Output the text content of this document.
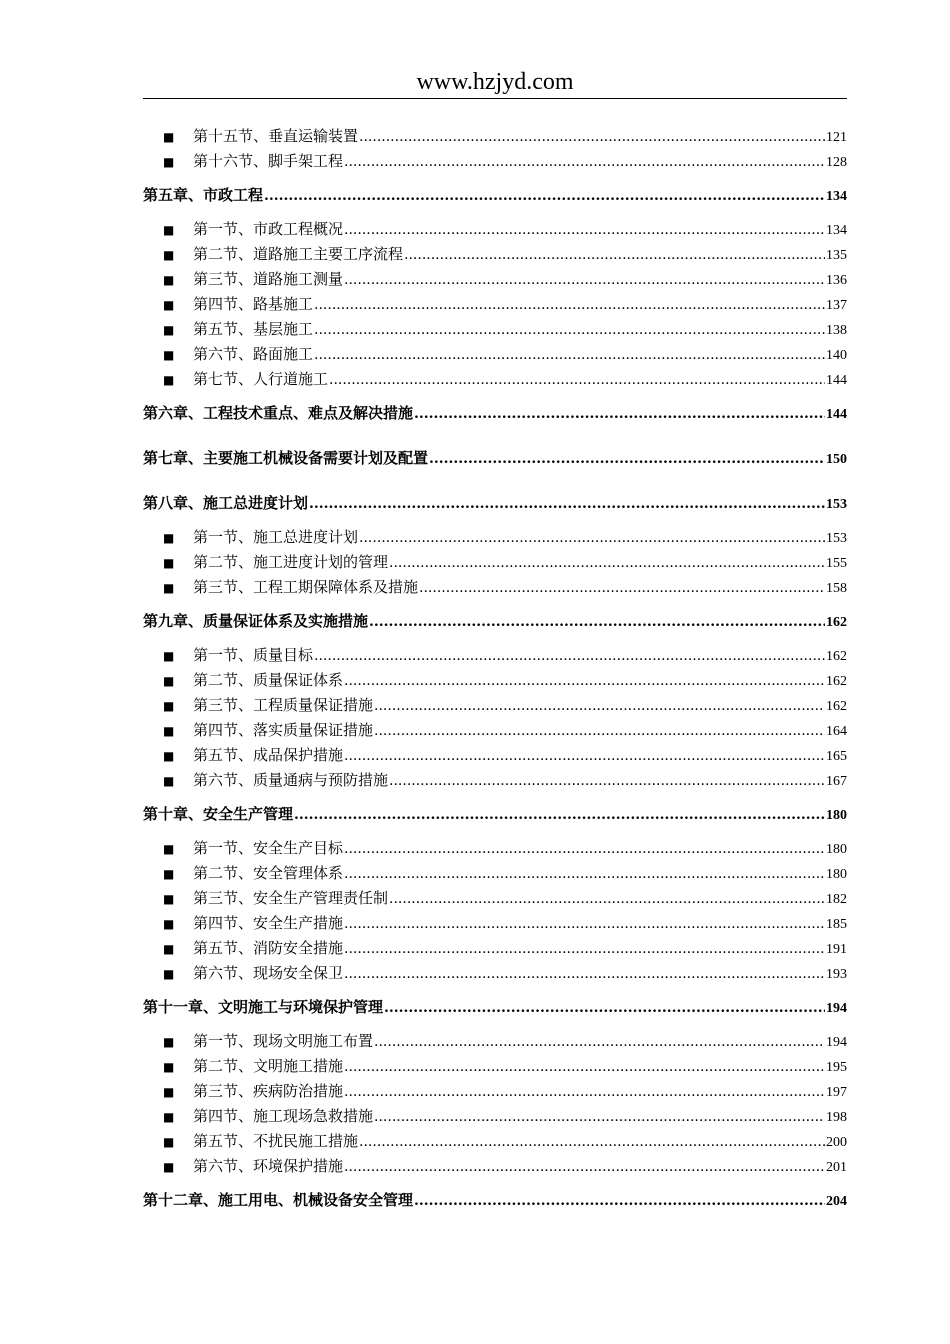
www.hzjyd.com
■	第十五节、垂直运输装置 .....	121
■	第十六节、脚手架工程 .....	128
第五章、市政工程 .....	134
■	第一节、市政工程概况 .....	134
■	第二节、道路施工主要工序流程 .....	135
■	第三节、道路施工测量 .....	136
■	第四节、路基施工 .....	137
■	第五节、基层施工 .....	138
■	第六节、路面施工 .....	140
■	第七节、人行道施工 .....	144
第六章、工程技术重点、难点及解决措施 .....	144
第七章、主要施工机械设备需要计划及配置 .....	150
第八章、施工总进度计划 .....	153
■	第一节、施工总进度计划 .....	153
■	第二节、施工进度计划的管理 .....	155
■	第三节、工程工期保障体系及措施 .....	158
第九章、质量保证体系及实施措施 .....	162
■	第一节、质量目标 .....	162
■	第二节、质量保证体系 .....	162
■	第三节、工程质量保证措施 .....	162
■	第四节、落实质量保证措施 .....	164
■	第五节、成品保护措施 .....	165
■	第六节、质量通病与预防措施 .....	167
第十章、安全生产管理 .....	180
■	第一节、安全生产目标 .....	180
■	第二节、安全管理体系 .....	180
■	第三节、安全生产管理责任制 .....	182
■	第四节、安全生产措施 .....	185
■	第五节、消防安全措施 .....	191
■	第六节、现场安全保卫 .....	193
第十一章、文明施工与环境保护管理 .....	194
■	第一节、现场文明施工布置 .....	194
■	第二节、文明施工措施 .....	195
■	第三节、疾病防治措施 .....	197
■	第四节、施工现场急救措施 .....	198
■	第五节、不扰民施工措施 .....	200
■	第六节、环境保护措施 .....	201
第十二章、施工用电、机械设备安全管理 .....	204
